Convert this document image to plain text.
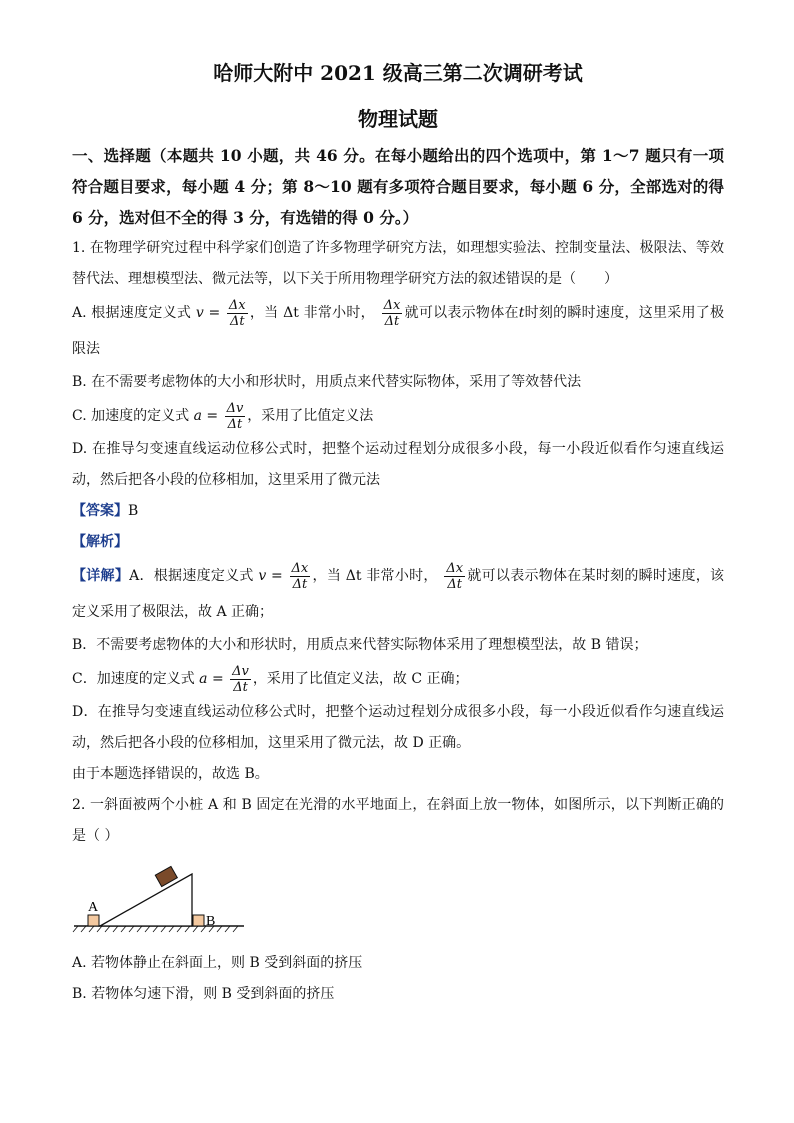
哈师大附中 2021 级高三第二次调研考试
物理试题
一、选择题（本题共 10 小题，共 46 分。在每小题给出的四个选项中，第 1～7 题只有一项符合题目要求，每小题 4 分；第 8～10 题有多项符合题目要求，每小题 6 分，全部选对的得 6 分，选对但不全的得 3 分，有选错的得 0 分。）

1. 在物理学研究过程中科学家们创造了许多物理学研究方法，如理想实验法、控制变量法、极限法、等效替代法、理想模型法、微元法等，以下关于所用物理学研究方法的叙述错误的是（　　）

A. 根据速度定义式 $v = \frac{\Delta x}{\Delta t}$ ，当 Δt 非常小时， $\frac{\Delta x}{\Delta t}$ 就可以表示物体在t时刻的瞬时速度，这里采用了极限法

B. 在不需要考虑物体的大小和形状时，用质点来代替实际物体，采用了等效替代法

C. 加速度的定义式 $a = \frac{\Delta v}{\Delta t}$ ，采用了比值定义法

D. 在推导匀变速直线运动位移公式时，把整个运动过程划分成很多小段，每一小段近似看作匀速直线运动，然后把各小段的位移相加，这里采用了微元法

【答案】B

【解析】

【详解】A．根据速度定义式 $v = \frac{\Delta x}{\Delta t}$ ，当 Δt 非常小时， $\frac{\Delta x}{\Delta t}$ 就可以表示物体在某时刻的瞬时速度，该定义采用了极限法，故 A 正确；

B．不需要考虑物体的大小和形状时，用质点来代替实际物体采用了理想模型法，故 B 错误；

C．加速度的定义式 $a = \frac{\Delta v}{\Delta t}$ ，采用了比值定义法，故 C 正确；

D．在推导匀变速直线运动位移公式时，把整个运动过程划分成很多小段，每一小段近似看作匀速直线运动，然后把各小段的位移相加，这里采用了微元法，故 D 正确。

由于本题选择错误的，故选 B。

2. 一斜面被两个小桩 A 和 B 固定在光滑的水平地面上，在斜面上放一物体，如图所示，以下判断正确的是（ ）

A
B

A. 若物体静止在斜面上，则 B 受到斜面的挤压

B. 若物体匀速下滑，则 B 受到斜面的挤压
